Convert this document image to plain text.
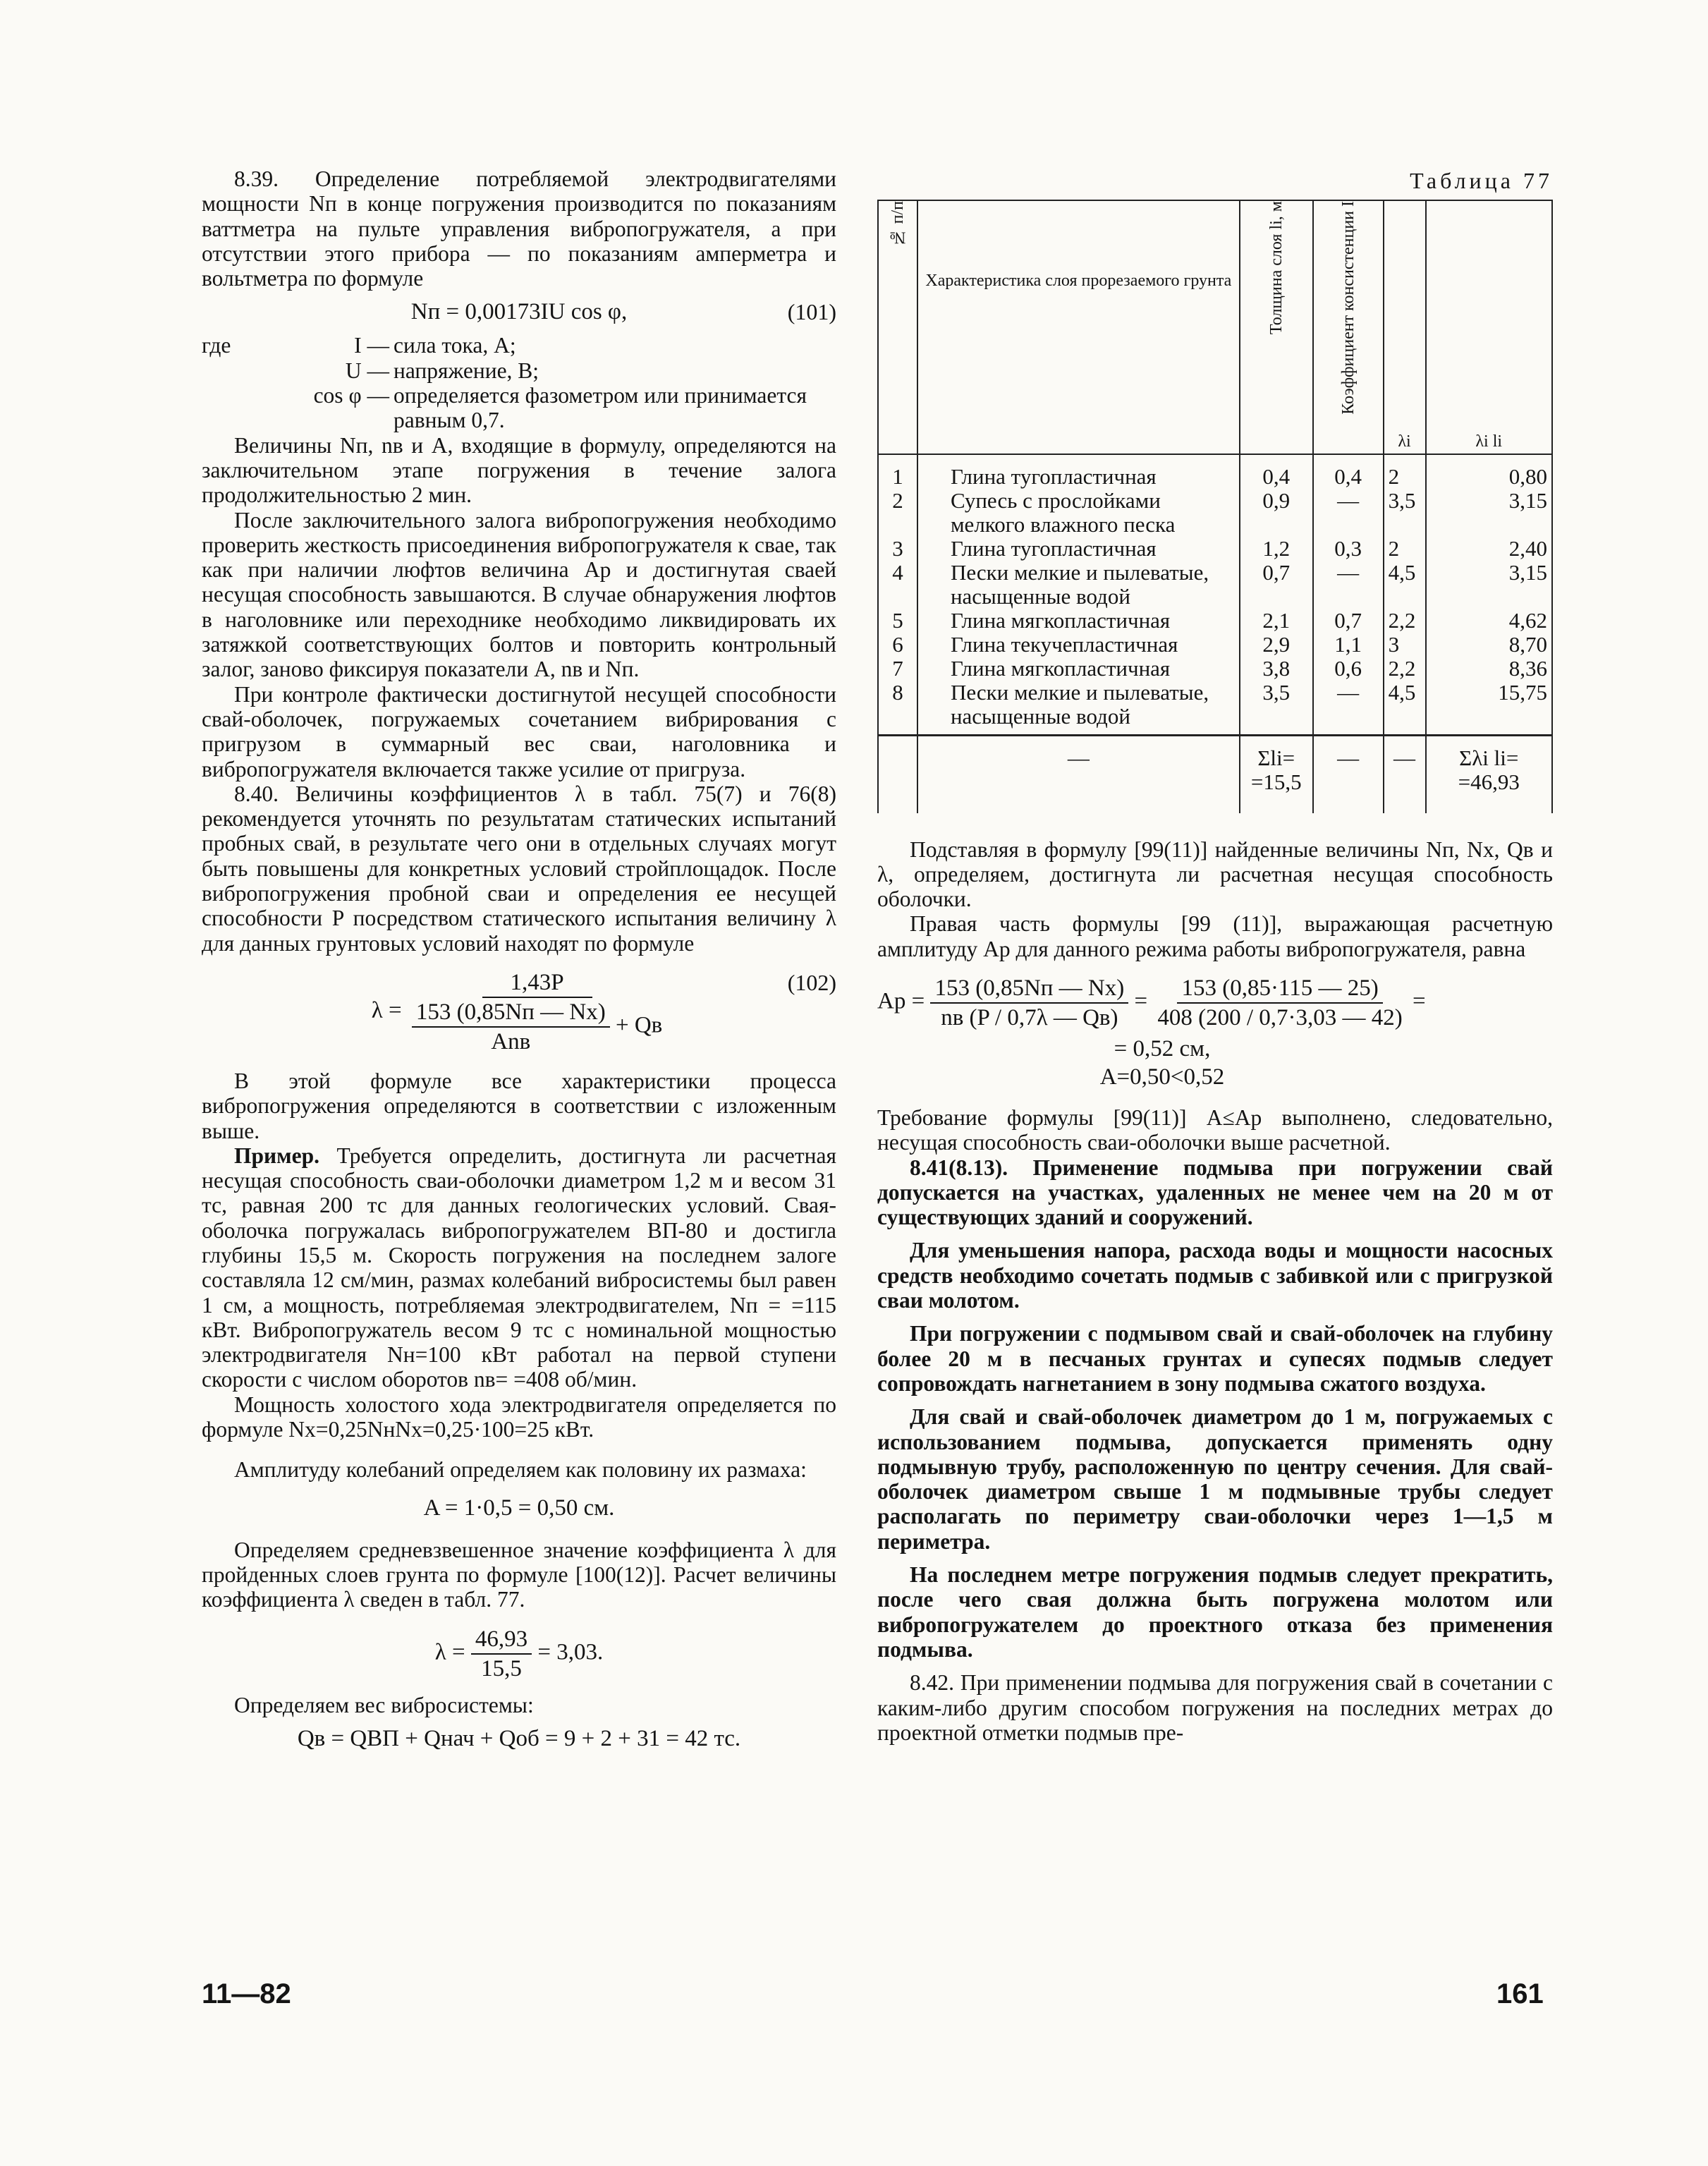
8.39. Определение потребляемой электродвигателями мощности Nп в конце погружения производится по показаниям ваттметра на пульте управления вибропогружателя, а при отсутствии этого прибора — по показаниям амперметра и вольтметра по формуле

Nп = 0,00173IU cos φ,	(101)
где	I — сила тока, А;
U — напряжение, В;
cos φ — определяется фазометром или принимается равным 0,7.

Величины Nп, nв и А, входящие в формулу, определяются на заключительном этапе погружения в течение залога продолжительностью 2 мин.

После заключительного залога вибропогружения необходимо проверить жесткость присоединения вибропогружателя к свае, так как при наличии люфтов величина Ар и достигнутая сваей несущая способность завышаются. В случае обнаружения люфтов в наголовнике или переходнике необходимо ликвидировать их затяжкой соответствующих болтов и повторить контрольный залог, заново фиксируя показатели А, nв и Nп.

При контроле фактически достигнутой несущей способности свай-оболочек, погружаемых сочетанием вибрирования с пригрузом в суммарный вес сваи, наголовника и вибропогружателя включается также усилие от пригруза.

8.40. Величины коэффициентов λ в табл. 75(7) и 76(8) рекомендуется уточнять по результатам статических испытаний пробных свай, в результате чего они в отдельных случаях могут быть повышены для конкретных условий стройплощадок. После вибропогружения пробной сваи и определения ее несущей способности P посредством статического испытания величину λ для данных грунтовых условий находят по формуле

$\lambda = \frac{1,43P}{\frac{153 (0,85Nп — Nх)}{\text{Anв}} + Qв}$	(102)

В этой формуле все характеристики процесса вибропогружения определяются в соответствии с изложенным выше.

Пример. Требуется определить, достигнута ли расчетная несущая способность сваи-оболочки диаметром 1,2 м и весом 31 тс, равная 200 тс для данных геологических условий. Свая-оболочка погружалась вибропогружателем ВП-80 и достигла глубины 15,5 м. Скорость погружения на последнем залоге составляла 12 см/мин, размах колебаний вибросистемы был равен 1 см, а мощность, потребляемая электродвигателем, Nп = =115 кВт. Вибропогружатель весом 9 тс с номинальной мощностью электродвигателя Nн=100 кВт работал на первой ступени скорости с числом оборотов nв= =408 об/мин.

Мощность холостого хода электродвигателя определяется по формуле Nх=0,25NнNх=0,25·100=25 кВт.

Амплитуду колебаний определяем как половину их размаха:

A = 1·0,5 = 0,50 см.

Определяем средневзвешенное значение коэффициента λ для пройденных слоев грунта по формуле [100(12)]. Расчет величины коэффициента λ сведен в табл. 77.

$\lambda = \frac{46,93}{15,5} = 3,03$.

Определяем вес вибросистемы:

Qв = QВП + Qнач + Qоб = 9 + 2 + 31 = 42 тс.
Таблица 77
№ п/п	Характеристика слоя прорезаемого грунта	Толщина слоя li, м	Коэффициент консистенции I	λi	λi li
1	Глина тугопластичная	0,4	0,4	2	0,80
2	Супесь с прослойками мелкого влажного песка	0,9	—	3,5	3,15
3	Глина тугопластичная	1,2	0,3	2	2,40
4	Пески мелкие и пылеватые, насыщенные водой	0,7	—	4,5	3,15
5	Глина мягкопластичная	2,1	0,7	2,2	4,62
6	Глина текучепластичная	2,9	1,1	3	8,70
7	Глина мягкопластичная	3,8	0,6	2,2	8,36
8	Пески мелкие и пылеватые, насыщенные водой	3,5	—	4,5	15,75
	—	Σli= =15,5	—	—	Σλi li= =46,93

Подставляя в формулу [99(11)] найденные величины Nп, Nх, Qв и λ, определяем, достигнута ли расчетная несущая способность оболочки.

Правая часть формулы [99 (11)], выражающая расчетную амплитуду Ар для данного режима работы вибропогружателя, равна

Aр = $\frac{153 (0,85Nп — Nх)}{nв (P / 0,7\lambda — Qв)} = \frac{153 (0,85\cdot 115 — 25)}{408 (200 / 0,7\cdot 3,03 — 42)}$ =
= 0,52 см,
A=0,50<0,52

Требование формулы [99(11)] A≤Aр выполнено, следовательно, несущая способность сваи-оболочки выше расчетной.

8.41(8.13). Применение подмыва при погружении свай допускается на участках, удаленных не менее чем на 20 м от существующих зданий и сооружений.

Для уменьшения напора, расхода воды и мощности насосных средств необходимо сочетать подмыв с забивкой или с пригрузкой сваи молотом.

При погружении с подмывом свай и свай-оболочек на глубину более 20 м в песчаных грунтах и супесях подмыв следует сопровождать нагнетанием в зону подмыва сжатого воздуха.

Для свай и свай-оболочек диаметром до 1 м, погружаемых с использованием подмыва, допускается применять одну подмывную трубу, расположенную по центру сечения. Для свай-оболочек диаметром свыше 1 м подмывные трубы следует располагать по периметру сваи-оболочки через 1—1,5 м периметра.

На последнем метре погружения подмыв следует прекратить, после чего свая должна быть погружена молотом или вибропогружателем до проектного отказа без применения подмыва.

8.42. При применении подмыва для погружения свай в сочетании с каким-либо другим способом погружения на последних метрах до проектной отметки подмыв пре-

11—82	161
